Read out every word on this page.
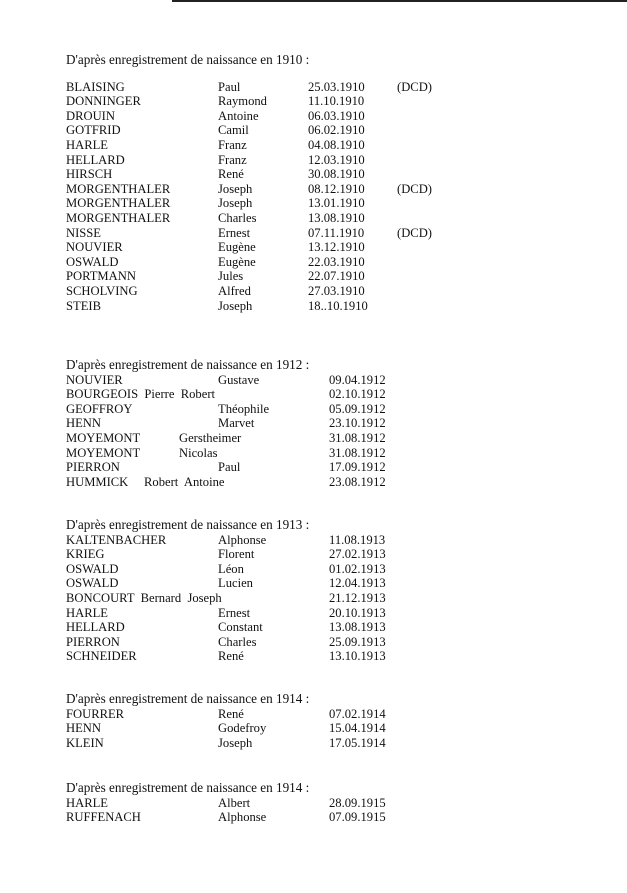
D'après enregistrement de naissance en 1910 :
BLAISING	Paul	25.03.1910	(DCD)
DONNINGER	Raymond	11.10.1910
DROUIN	Antoine	06.03.1910
GOTFRID	Camil	06.02.1910
HARLE	Franz	04.08.1910
HELLARD	Franz	12.03.1910
HIRSCH	René	30.08.1910
MORGENTHALER	Joseph	08.12.1910	(DCD)
MORGENTHALER	Joseph	13.01.1910
MORGENTHALER	Charles	13.08.1910
NISSE	Ernest	07.11.1910	(DCD)
NOUVIER	Eugène	13.12.1910
OSWALD	Eugène	22.03.1910
PORTMANN	Jules	22.07.1910
SCHOLVING	Alfred	27.03.1910
STEIB	Joseph	18..10.1910
D'après enregistrement de naissance en 1912 :
NOUVIER	Gustave	09.04.1912
BOURGEOIS  Pierre  Robert	02.10.1912
GEOFFROY	Théophile	05.09.1912
HENN	Marvet	23.10.1912
MOYEMONT	Gerstheimer	31.08.1912
MOYEMONT	Nicolas	31.08.1912
PIERRON	Paul	17.09.1912
HUMMICK     Robert  Antoine	23.08.1912
D'après enregistrement de naissance en 1913 :
KALTENBACHER	Alphonse	11.08.1913
KRIEG	Florent	27.02.1913
OSWALD	Léon	01.02.1913
OSWALD	Lucien	12.04.1913
BONCOURT  Bernard  Joseph	21.12.1913
HARLE	Ernest	20.10.1913
HELLARD	Constant	13.08.1913
PIERRON	Charles	25.09.1913
SCHNEIDER	René	13.10.1913
D'après enregistrement de naissance en 1914 :
FOURRER	René	07.02.1914
HENN	Godefroy	15.04.1914
KLEIN	Joseph	17.05.1914
D'après enregistrement de naissance en 1914 :
HARLE	Albert	28.09.1915
RUFFENACH	Alphonse	07.09.1915
